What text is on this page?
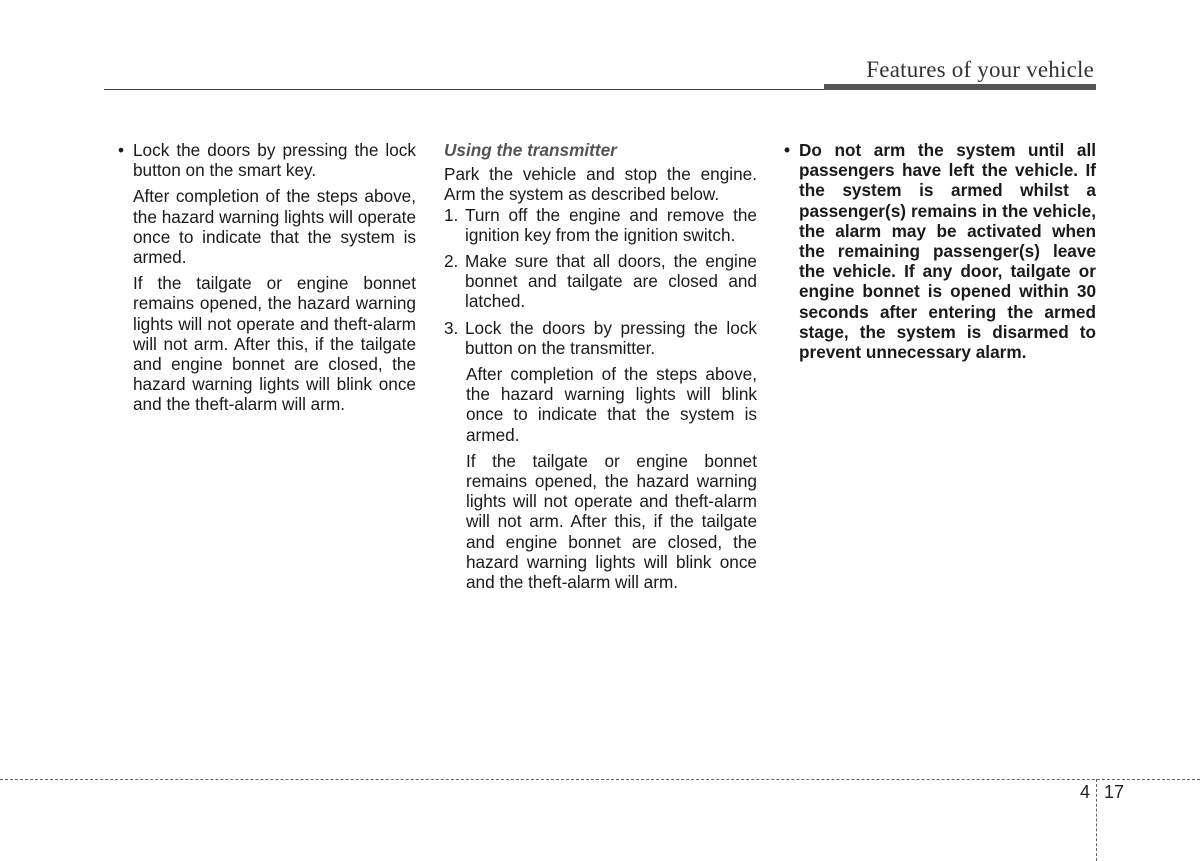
Features of your vehicle
• Lock the doors by pressing the lock button on the smart key.

After completion of the steps above, the hazard warning lights will operate once to indicate that the system is armed.

If the tailgate or engine bonnet remains opened, the hazard warning lights will not operate and theft-alarm will not arm. After this, if the tailgate and engine bonnet are closed, the hazard warning lights will blink once and the theft-alarm will arm.

Using the transmitter

Park the vehicle and stop the engine. Arm the system as described below.

1. Turn off the engine and remove the ignition key from the ignition switch.
2. Make sure that all doors, the engine bonnet and tailgate are closed and latched.
3. Lock the doors by pressing the lock button on the transmitter.

After completion of the steps above, the hazard warning lights will blink once to indicate that the system is armed.

If the tailgate or engine bonnet remains opened, the hazard warning lights will not operate and theft-alarm will not arm. After this, if the tailgate and engine bonnet are closed, the hazard warning lights will blink once and the theft-alarm will arm.

• Do not arm the system until all passengers have left the vehicle. If the system is armed whilst a passenger(s) remains in the vehicle, the alarm may be activated when the remaining passenger(s) leave the vehicle. If any door, tailgate or engine bonnet is opened within 30 seconds after entering the armed stage, the system is disarmed to prevent unnecessary alarm.
4 17
